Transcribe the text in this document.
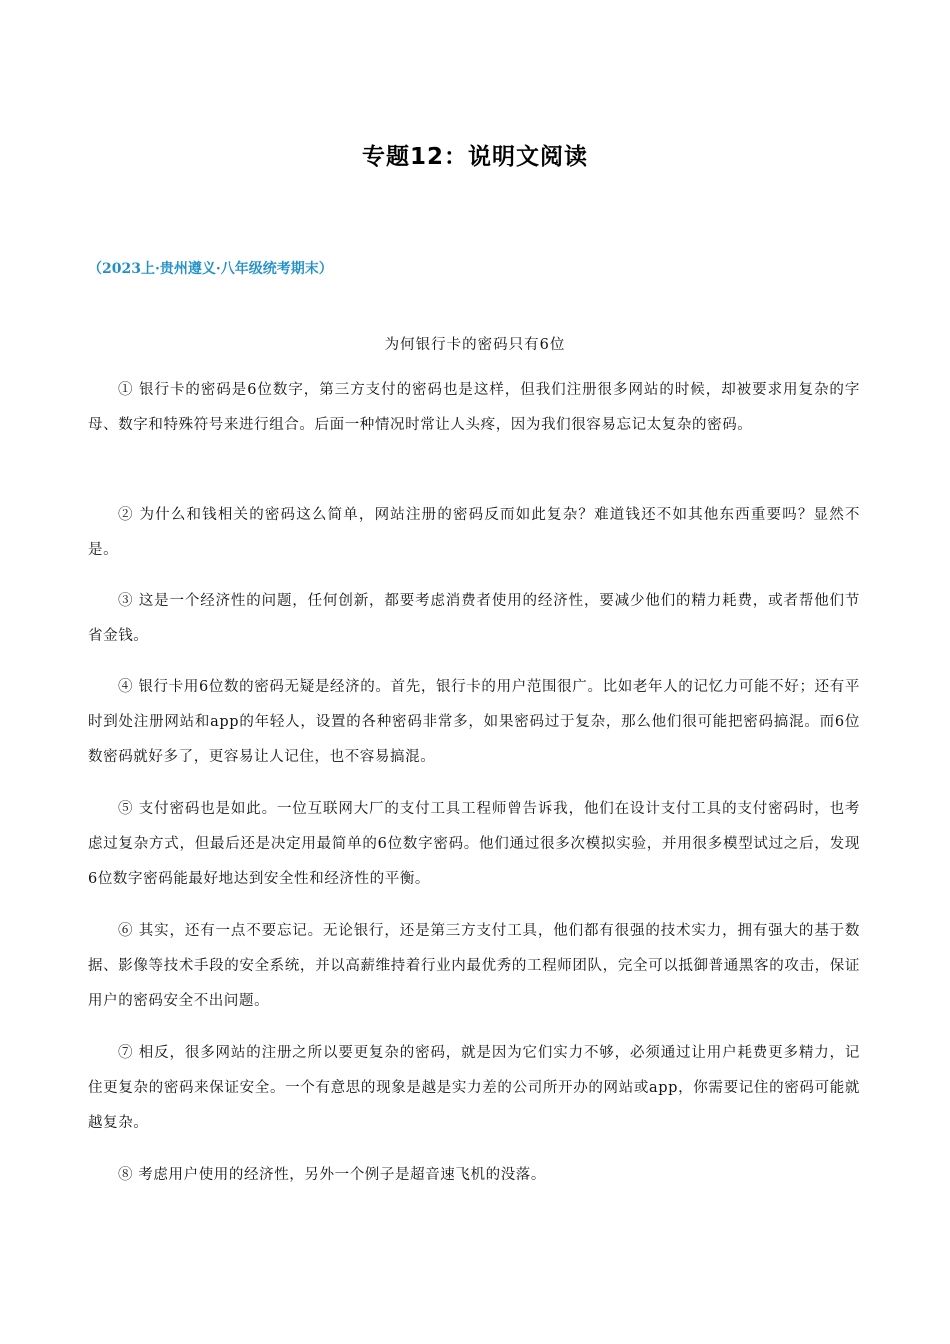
专题12：说明文阅读
（2023上·贵州遵义·八年级统考期末）
为何银行卡的密码只有6位

① 银行卡的密码是6位数字，第三方支付的密码也是这样，但我们注册很多网站的时候，却被要求用复杂的字母、数字和特殊符号来进行组合。后面一种情况时常让人头疼，因为我们很容易忘记太复杂的密码。

② 为什么和钱相关的密码这么简单，网站注册的密码反而如此复杂？难道钱还不如其他东西重要吗？显然不是。

③ 这是一个经济性的问题，任何创新，都要考虑消费者使用的经济性，要减少他们的精力耗费，或者帮他们节省金钱。

④ 银行卡用6位数的密码无疑是经济的。首先，银行卡的用户范围很广。比如老年人的记忆力可能不好；还有平时到处注册网站和app的年轻人，设置的各种密码非常多，如果密码过于复杂，那么他们很可能把密码搞混。而6位数密码就好多了，更容易让人记住，也不容易搞混。

⑤ 支付密码也是如此。一位互联网大厂的支付工具工程师曾告诉我，他们在设计支付工具的支付密码时，也考虑过复杂方式，但最后还是决定用最简单的6位数字密码。他们通过很多次模拟实验，并用很多模型试过之后，发现6位数字密码能最好地达到安全性和经济性的平衡。

⑥ 其实，还有一点不要忘记。无论银行，还是第三方支付工具，他们都有很强的技术实力，拥有强大的基于数据、影像等技术手段的安全系统，并以高薪维持着行业内最优秀的工程师团队，完全可以抵御普通黑客的攻击，保证用户的密码安全不出问题。

⑦ 相反，很多网站的注册之所以要更复杂的密码，就是因为它们实力不够，必须通过让用户耗费更多精力，记住更复杂的密码来保证安全。一个有意思的现象是越是实力差的公司所开办的网站或app，你需要记住的密码可能就越复杂。

⑧ 考虑用户使用的经济性，另外一个例子是超音速飞机的没落。
